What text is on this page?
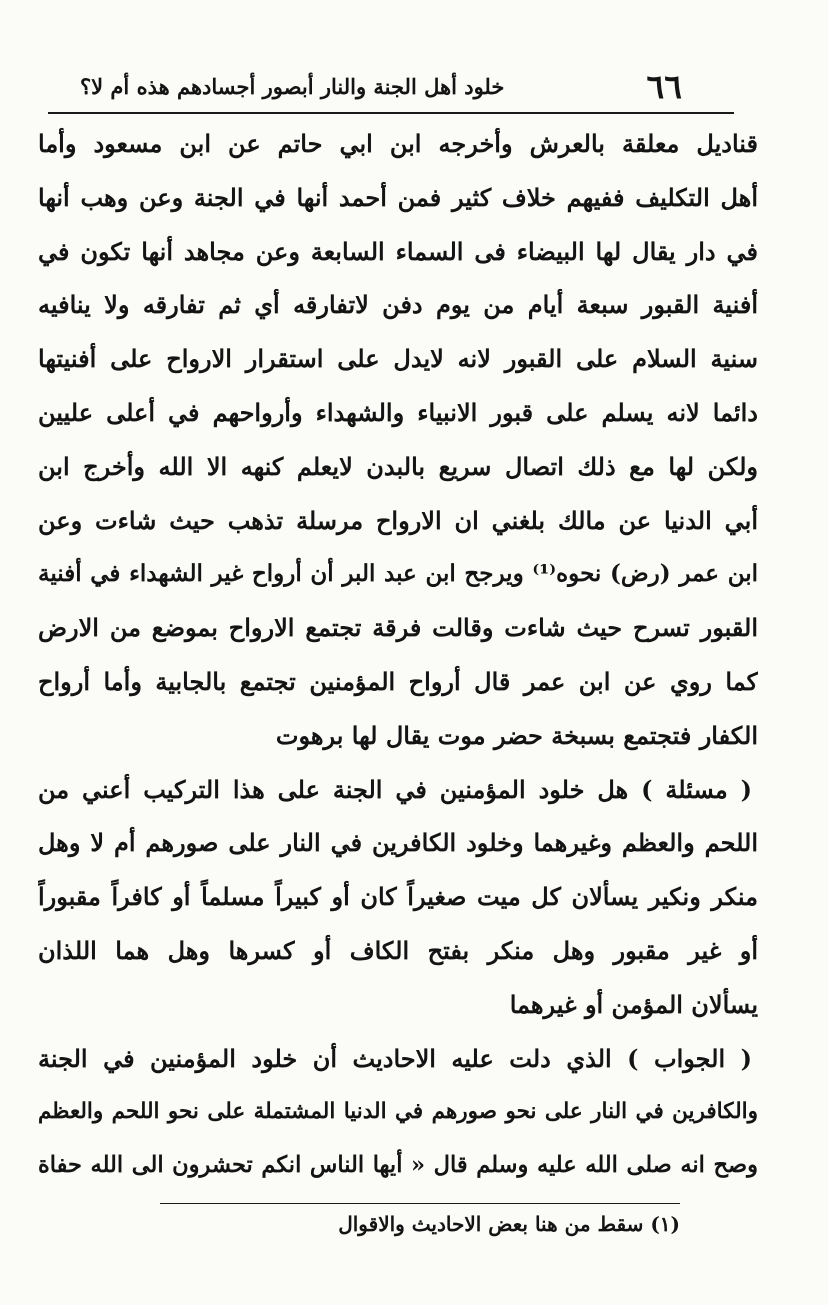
٦٦
خلود أهل الجنة والنار أبصور أجسادهم هذه أم لا؟
قناديل معلقة بالعرش وأخرجه ابن ابي حاتم عن ابن مسعود وأما
أهل التكليف ففيهم خلاف كثير فمن أحمد أنها في الجنة وعن وهب أنها
في دار يقال لها البيضاء فى السماء السابعة وعن مجاهد أنها تكون في
أفنية القبور سبعة أيام من يوم دفن لاتفارقه أي ثم تفارقه ولا ينافيه
سنية السلام على القبور لانه لايدل على استقرار الارواح على أفنيتها
دائما لانه يسلم على قبور الانبياء والشهداء وأرواحهم في أعلى عليين
ولكن لها مع ذلك اتصال سريع بالبدن لايعلم كنهه الا الله وأخرج ابن
أبي الدنيا عن مالك بلغني ان الارواح مرسلة تذهب حيث شاءت وعن
ابن عمر (رض) نحوه⁽¹⁾ ويرجح ابن عبد البر أن أرواح غير الشهداء في أفنية
القبور تسرح حيث شاءت وقالت فرقة تجتمع الارواح بموضع من الارض
كما روي عن ابن عمر قال أرواح المؤمنين تجتمع بالجابية وأما أرواح
الكفار فتجتمع بسبخة حضر موت يقال لها برهوت
( مسئلة ) هل خلود المؤمنين في الجنة على هذا التركيب أعني من
اللحم والعظم وغيرهما وخلود الكافرين في النار على صورهم أم لا وهل
منكر ونكير يسألان كل ميت صغيراً كان أو كبيراً مسلماً أو كافراً مقبوراً
أو غير مقبور وهل منكر بفتح الكاف أو كسرها وهل هما اللذان
يسألان المؤمن أو غيرهما
( الجواب ) الذي دلت عليه الاحاديث أن خلود المؤمنين في الجنة
والكافرين في النار على نحو صورهم في الدنيا المشتملة على نحو اللحم والعظم
وصح انه صلى الله عليه وسلم قال « أيها الناس انكم تحشرون الى الله حفاة
(١) سقط من هنا بعض الاحاديث والاقوال
